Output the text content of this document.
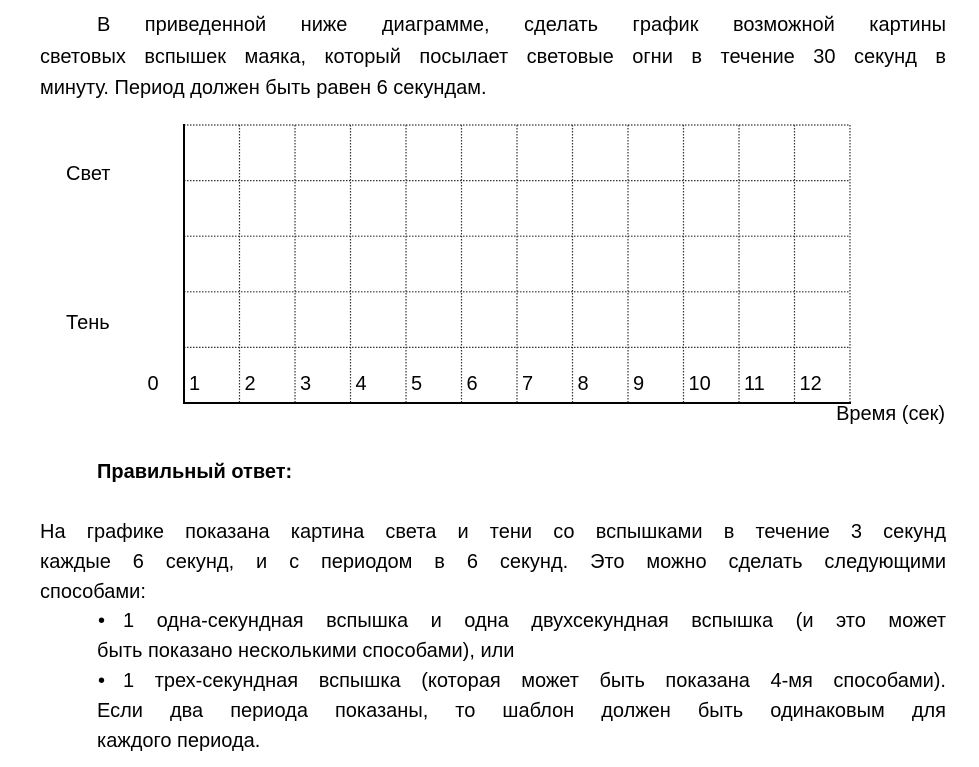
В приведенной ниже диаграмме, сделать график возможной картины
световых вспышек маяка, который посылает световые огни в течение 30 секунд в
минуту. Период должен быть равен 6 секундам.
Свет
Тень
0 1 2 3 4 5 6 7 8 9 10 11 12
Время (сек)
Правильный ответ:
На графике показана картина света и тени со вспышками в течение 3 секунд
каждые 6 секунд, и с периодом в 6 секунд. Это можно сделать следующими
способами:
• 1 одна-секундная вспышка и одна двухсекундная вспышка (и это может
быть показано несколькими способами), или
• 1 трех-секундная вспышка (которая может быть показана 4-мя способами).
Если два периода показаны, то шаблон должен быть одинаковым для
каждого периода.
